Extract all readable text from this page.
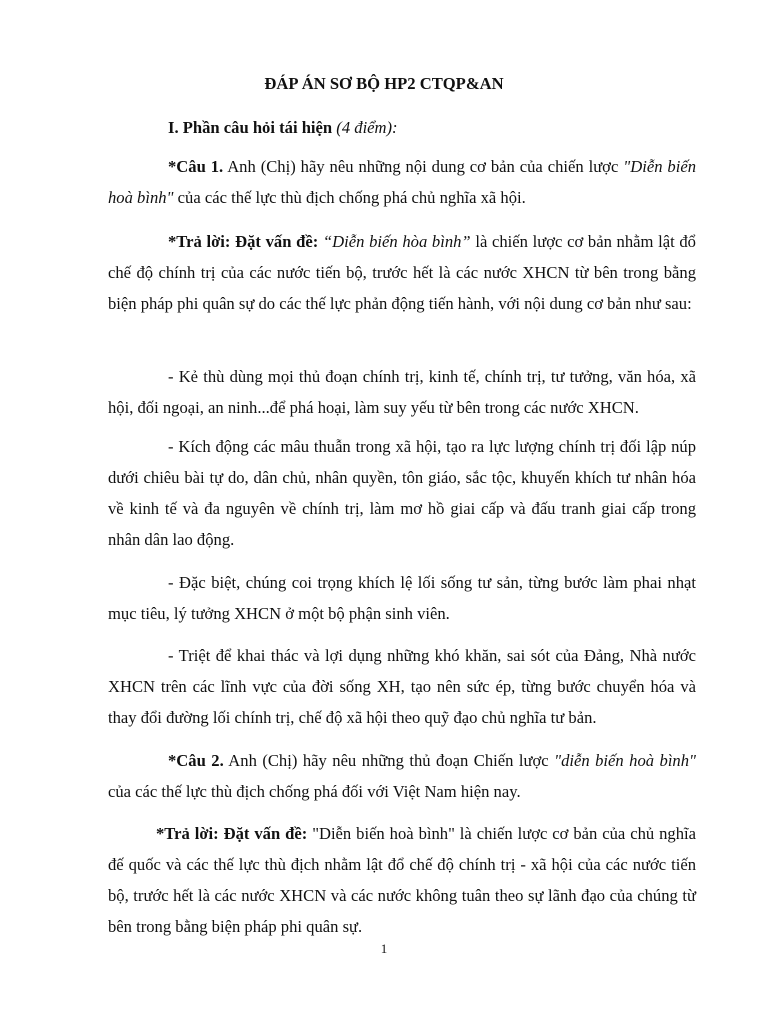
ĐÁP ÁN SƠ BỘ HP2 CTQP&AN
I. Phần câu hỏi tái hiện (4 điểm):

*Câu 1. Anh (Chị) hãy nêu những nội dung cơ bản của chiến lược "Diễn biến hoà bình" của các thế lực thù địch chống phá chủ nghĩa xã hội.

*Trả lời: Đặt vấn đề: “Diễn biến hòa bình” là chiến lược cơ bản nhằm lật đổ chế độ chính trị của các nước tiến bộ, trước hết là các nước XHCN từ bên trong bằng biện pháp phi quân sự do các thế lực phản động tiến hành, với nội dung cơ bản như sau:

- Kẻ thù dùng mọi thủ đoạn chính trị, kinh tế, chính trị, tư tưởng, văn hóa, xã hội, đối ngoại, an ninh...để phá hoại, làm suy yếu từ bên trong các nước XHCN.

- Kích động các mâu thuẫn trong xã hội, tạo ra lực lượng chính trị đối lập núp dưới chiêu bài tự do, dân chủ, nhân quyền, tôn giáo, sắc tộc, khuyến khích tư nhân hóa về kinh tế và đa nguyên về chính trị, làm mơ hồ giai cấp và đấu tranh giai cấp trong nhân dân lao động.

- Đặc biệt, chúng coi trọng khích lệ lối sống tư sản, từng bước làm phai nhạt mục tiêu, lý tưởng XHCN ở một bộ phận sinh viên.

- Triệt để khai thác và lợi dụng những khó khăn, sai sót của Đảng, Nhà nước XHCN trên các lĩnh vực của đời sống XH, tạo nên sức ép, từng bước chuyển hóa và thay đổi đường lối chính trị, chế độ xã hội theo quỹ đạo chủ nghĩa tư bản.

*Câu 2. Anh (Chị) hãy nêu những thủ đoạn Chiến lược "diễn biến hoà bình" của các thế lực thù địch chống phá đối với Việt Nam hiện nay.

*Trả lời: Đặt vấn đề: "Diễn biến hoà bình" là chiến lược cơ bản của chủ nghĩa đế quốc và các thế lực thù địch nhằm lật đổ chế độ chính trị - xã hội của các nước tiến bộ, trước hết là các nước XHCN và các nước không tuân theo sự lãnh đạo của chúng từ bên trong bằng biện pháp phi quân sự.

1
